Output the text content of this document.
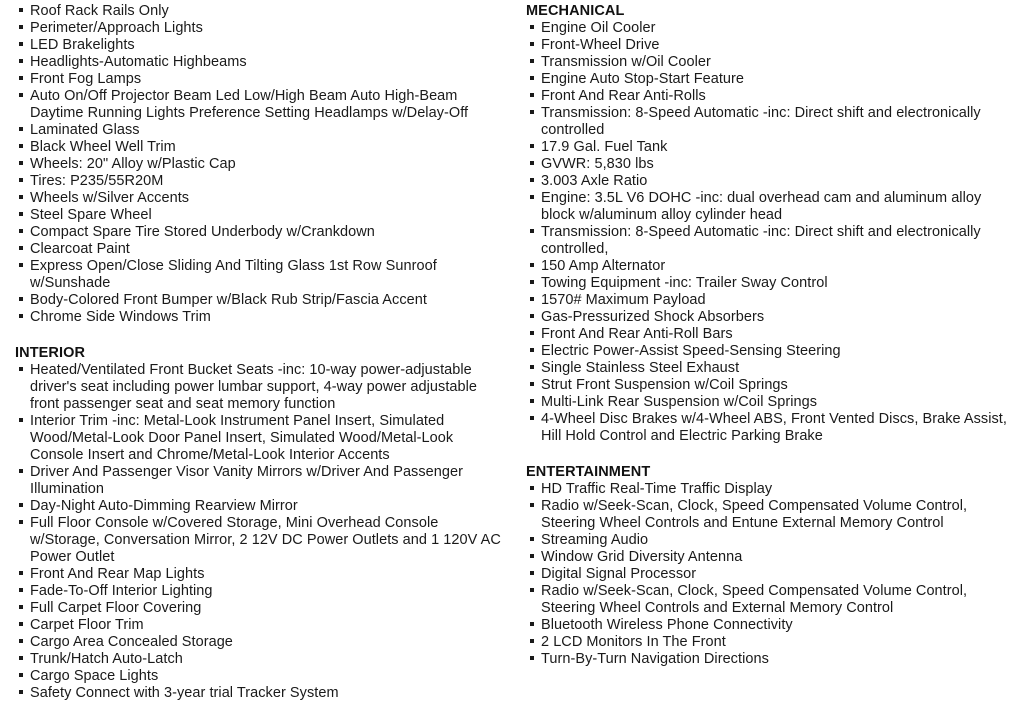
Roof Rack Rails Only
Perimeter/Approach Lights
LED Brakelights
Headlights-Automatic Highbeams
Front Fog Lamps
Auto On/Off Projector Beam Led Low/High Beam Auto High-Beam Daytime Running Lights Preference Setting Headlamps w/Delay-Off
Laminated Glass
Black Wheel Well Trim
Wheels: 20" Alloy w/Plastic Cap
Tires: P235/55R20M
Wheels w/Silver Accents
Steel Spare Wheel
Compact Spare Tire Stored Underbody w/Crankdown
Clearcoat Paint
Express Open/Close Sliding And Tilting Glass 1st Row Sunroof w/Sunshade
Body-Colored Front Bumper w/Black Rub Strip/Fascia Accent
Chrome Side Windows Trim
INTERIOR
Heated/Ventilated Front Bucket Seats -inc: 10-way power-adjustable driver's seat including power lumbar support, 4-way power adjustable front passenger seat and seat memory function
Interior Trim -inc: Metal-Look Instrument Panel Insert, Simulated Wood/Metal-Look Door Panel Insert, Simulated Wood/Metal-Look Console Insert and Chrome/Metal-Look Interior Accents
Driver And Passenger Visor Vanity Mirrors w/Driver And Passenger Illumination
Day-Night Auto-Dimming Rearview Mirror
Full Floor Console w/Covered Storage, Mini Overhead Console w/Storage, Conversation Mirror, 2 12V DC Power Outlets and 1 120V AC Power Outlet
Front And Rear Map Lights
Fade-To-Off Interior Lighting
Full Carpet Floor Covering
Carpet Floor Trim
Cargo Area Concealed Storage
Trunk/Hatch Auto-Latch
Cargo Space Lights
Safety Connect with 3-year trial Tracker System
MECHANICAL
Engine Oil Cooler
Front-Wheel Drive
Transmission w/Oil Cooler
Engine Auto Stop-Start Feature
Front And Rear Anti-Rolls
Transmission: 8-Speed Automatic -inc: Direct shift and electronically controlled
17.9 Gal. Fuel Tank
GVWR: 5,830 lbs
3.003 Axle Ratio
Engine: 3.5L V6 DOHC -inc: dual overhead cam and aluminum alloy block w/aluminum alloy cylinder head
Transmission: 8-Speed Automatic -inc: Direct shift and electronically controlled,
150 Amp Alternator
Towing Equipment -inc: Trailer Sway Control
1570# Maximum Payload
Gas-Pressurized Shock Absorbers
Front And Rear Anti-Roll Bars
Electric Power-Assist Speed-Sensing Steering
Single Stainless Steel Exhaust
Strut Front Suspension w/Coil Springs
Multi-Link Rear Suspension w/Coil Springs
4-Wheel Disc Brakes w/4-Wheel ABS, Front Vented Discs, Brake Assist, Hill Hold Control and Electric Parking Brake
ENTERTAINMENT
HD Traffic Real-Time Traffic Display
Radio w/Seek-Scan, Clock, Speed Compensated Volume Control, Steering Wheel Controls and Entune External Memory Control
Streaming Audio
Window Grid Diversity Antenna
Digital Signal Processor
Radio w/Seek-Scan, Clock, Speed Compensated Volume Control, Steering Wheel Controls and External Memory Control
Bluetooth Wireless Phone Connectivity
2 LCD Monitors In The Front
Turn-By-Turn Navigation Directions
